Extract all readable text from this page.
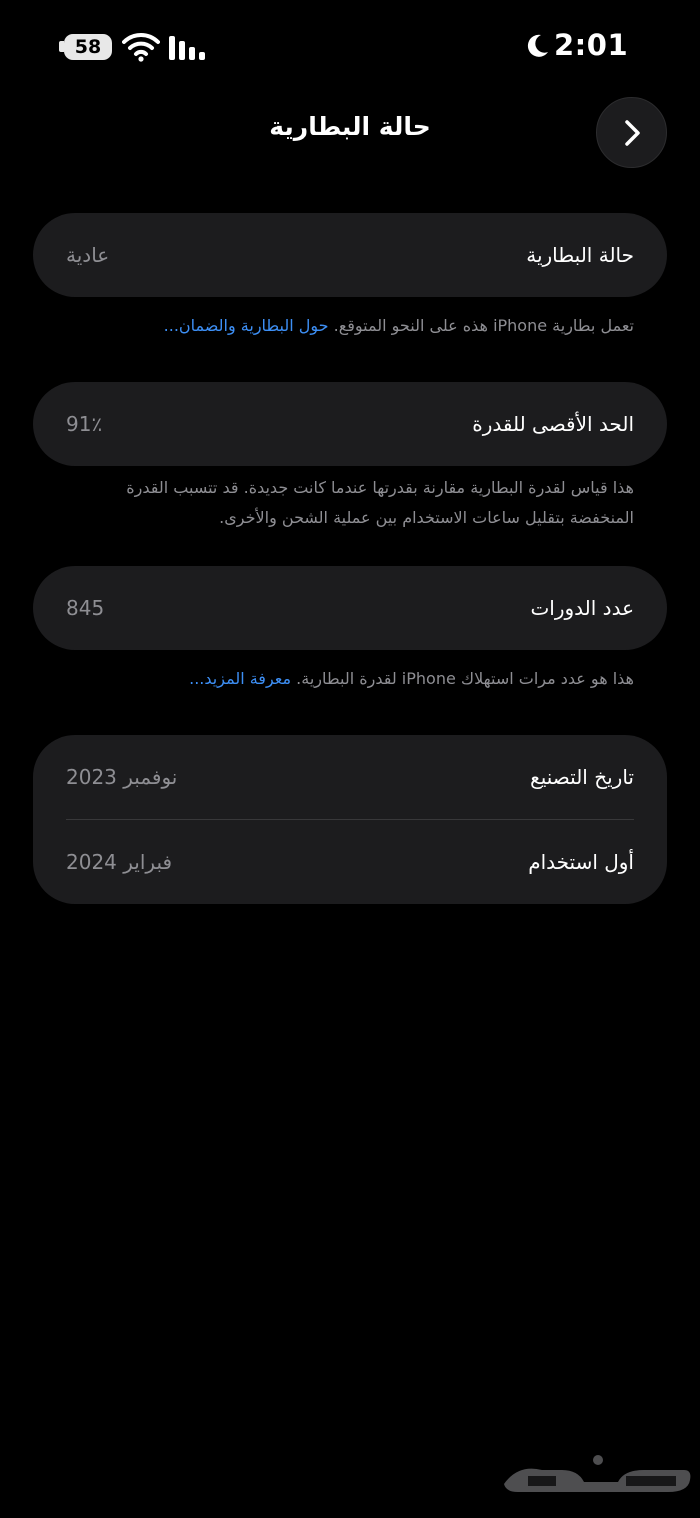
58	2:01
حالة البطارية
حالة البطارية
عادية
تعمل بطارية iPhone هذه على النحو المتوقع. حول البطارية والضمان...
الحد الأقصى للقدرة
91٪
هذا قياس لقدرة البطارية مقارنة بقدرتها عندما كانت جديدة. قد تتسبب القدرة المنخفضة بتقليل ساعات الاستخدام بين عملية الشحن والأخرى.
عدد الدورات
845
هذا هو عدد مرات استهلاك iPhone لقدرة البطارية. معرفة المزيد...
تاريخ التصنيع
نوفمبر 2023
أول استخدام
فبراير 2024
